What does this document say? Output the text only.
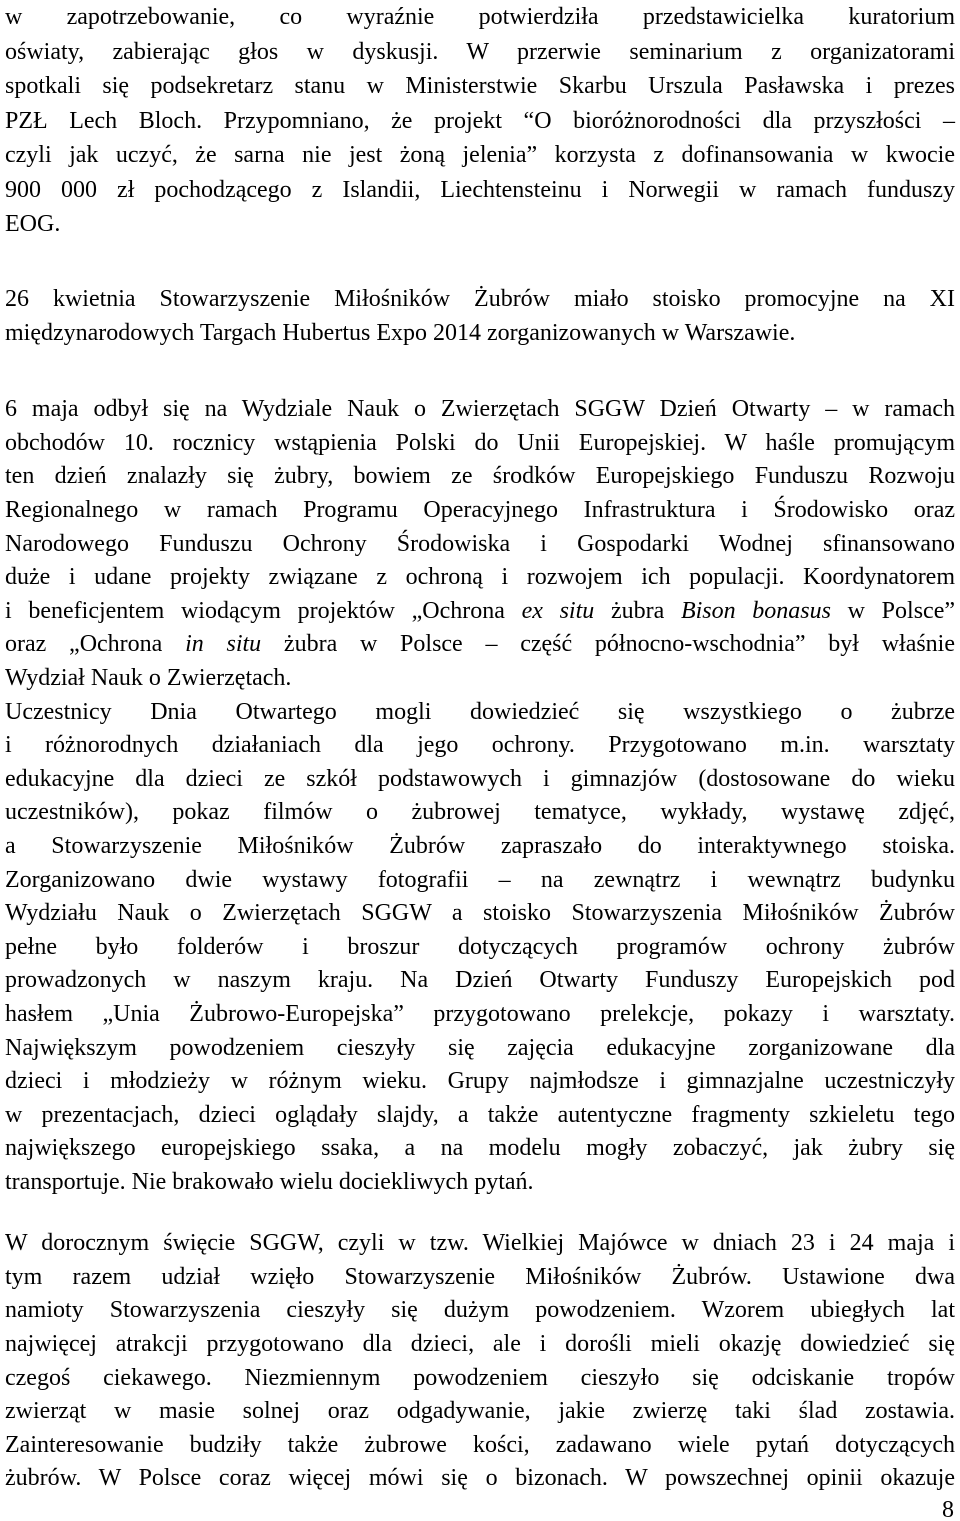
w zapotrzebowanie, co wyraźnie potwierdziła przedstawicielka kuratorium
oświaty, zabierając głos w dyskusji. W przerwie seminarium z organizatorami
spotkali się podsekretarz stanu w Ministerstwie Skarbu Urszula Pasławska i prezes
PZŁ Lech Bloch. Przypomniano, że projekt “O bioróżnorodności dla przyszłości –
czyli jak uczyć, że sarna nie jest żoną jelenia” korzysta z dofinansowania w kwocie
900 000 zł pochodzącego z Islandii, Liechtensteinu i Norwegii w ramach funduszy
EOG.
26 kwietnia Stowarzyszenie Miłośników Żubrów miało stoisko promocyjne na XI
międzynarodowych Targach Hubertus Expo 2014 zorganizowanych w Warszawie.
6 maja odbył się na Wydziale Nauk o Zwierzętach SGGW Dzień Otwarty – w ramach
obchodów 10. rocznicy wstąpienia Polski do Unii Europejskiej. W haśle promującym
ten dzień znalazły się żubry, bowiem ze środków Europejskiego Funduszu Rozwoju
Regionalnego w ramach Programu Operacyjnego Infrastruktura i Środowisko oraz
Narodowego Funduszu Ochrony Środowiska i Gospodarki Wodnej sfinansowano
duże i udane projekty związane z ochroną i rozwojem ich populacji. Koordynatorem
i beneficjentem wiodącym projektów „Ochrona ex situ żubra Bison bonasus w Polsce”
oraz „Ochrona in situ żubra w Polsce – część północno-wschodnia” był właśnie
Wydział Nauk o Zwierzętach.
Uczestnicy Dnia Otwartego mogli dowiedzieć się wszystkiego o żubrze
i różnorodnych działaniach dla jego ochrony. Przygotowano m.in. warsztaty
edukacyjne dla dzieci ze szkół podstawowych i gimnazjów (dostosowane do wieku
uczestników), pokaz filmów o żubrowej tematyce, wykłady, wystawę zdjęć,
a Stowarzyszenie Miłośników Żubrów zapraszało do interaktywnego stoiska.
Zorganizowano dwie wystawy fotografii – na zewnątrz i wewnątrz budynku
Wydziału Nauk o Zwierzętach SGGW a stoisko Stowarzyszenia Miłośników Żubrów
pełne było folderów i broszur dotyczących programów ochrony żubrów
prowadzonych w naszym kraju. Na Dzień Otwarty Funduszy Europejskich pod
hasłem „Unia Żubrowo-Europejska” przygotowano prelekcje, pokazy i warsztaty.
Największym powodzeniem cieszyły się zajęcia edukacyjne zorganizowane dla
dzieci i młodzieży w różnym wieku. Grupy najmłodsze i gimnazjalne uczestniczyły
w prezentacjach, dzieci oglądały slajdy, a także autentyczne fragmenty szkieletu tego
największego europejskiego ssaka, a na modelu mogły zobaczyć, jak żubry się
transportuje. Nie brakowało wielu dociekliwych pytań.
W dorocznym święcie SGGW, czyli w tzw. Wielkiej Majówce w dniach 23 i 24 maja i
tym razem udział wzięło Stowarzyszenie Miłośników Żubrów. Ustawione dwa
namioty Stowarzyszenia cieszyły się dużym powodzeniem. Wzorem ubiegłych lat
najwięcej atrakcji przygotowano dla dzieci, ale i dorośli mieli okazję dowiedzieć się
czegoś ciekawego. Niezmiennym powodzeniem cieszyło się odciskanie tropów
zwierząt w masie solnej oraz odgadywanie, jakie zwierzę taki ślad zostawia.
Zainteresowanie budziły także żubrowe kości, zadawano wiele pytań dotyczących
żubrów. W Polsce coraz więcej mówi się o bizonach. W powszechnej opinii okazuje
8
